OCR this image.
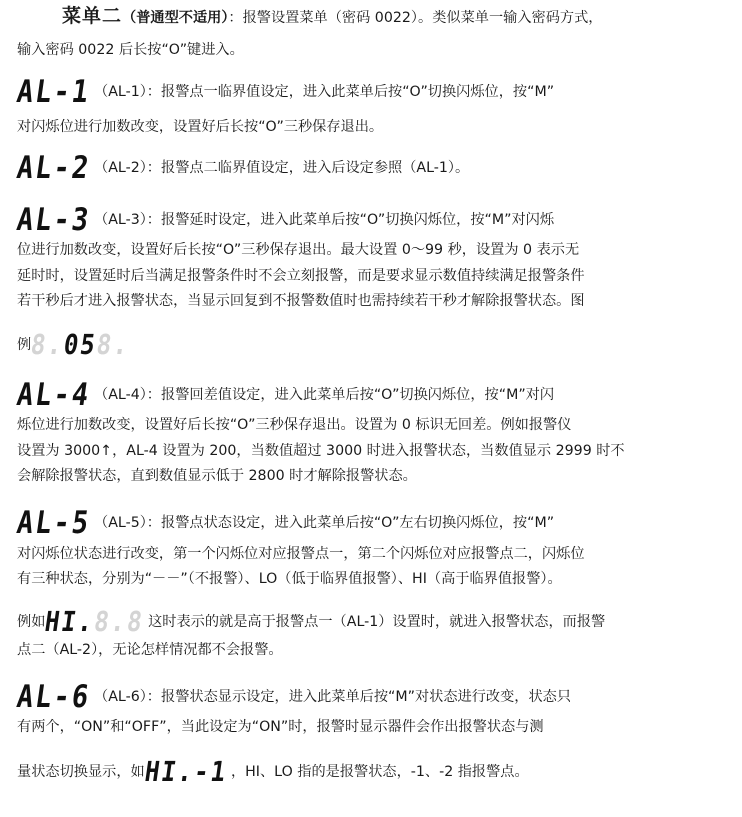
菜单二（普通型不适用）：报警设置菜单（密码 0022）。类似菜单一输入密码方式，
输入密码 0022 后长按“O”键进入。
AL-1（AL-1）：报警点一临界值设定，进入此菜单后按“O”切换闪烁位，按“M”
对闪烁位进行加数改变，设置好后长按“O”三秒保存退出。
AL-2（AL-2）：报警点二临界值设定，进入后设定参照（AL-1）。
AL-3（AL-3）：报警延时设定，进入此菜单后按“O”切换闪烁位，按“M”对闪烁
位进行加数改变，设置好后长按“O”三秒保存退出。最大设置 0～99 秒，设置为 0 表示无
延时时，设置延时后当满足报警条件时不会立刻报警，而是要求显示数值持续满足报警条件
若干秒后才进入报警状态，当显示回复到不报警数值时也需持续若干秒才解除报警状态。图
例8.058.
AL-4（AL-4）：报警回差值设定，进入此菜单后按“O”切换闪烁位，按“M”对闪
烁位进行加数改变，设置好后长按“O”三秒保存退出。设置为 0 标识无回差。例如报警仪
设置为 3000↑，AL-4 设置为 200，当数值超过 3000 时进入报警状态，当数值显示 2999 时不
会解除报警状态，直到数值显示低于 2800 时才解除报警状态。
AL-5（AL-5）：报警点状态设定，进入此菜单后按“O”左右切换闪烁位，按“M”
对闪烁位状态进行改变，第一个闪烁位对应报警点一，第二个闪烁位对应报警点二，闪烁位
有三种状态，分别为“－－”（不报警）、LO（低于临界值报警）、HI（高于临界值报警）。
例如HI.8.8 这时表示的就是高于报警点一（AL-1）设置时，就进入报警状态，而报警
点二（AL-2），无论怎样情况都不会报警。
AL-6（AL-6）：报警状态显示设定，进入此菜单后按“M”对状态进行改变，状态只
有两个，“ON”和“OFF”，当此设定为“ON”时，报警时显示器件会作出报警状态与测
量状态切换显示，如HI.-1 ，HI、LO 指的是报警状态，-1、-2 指报警点。
